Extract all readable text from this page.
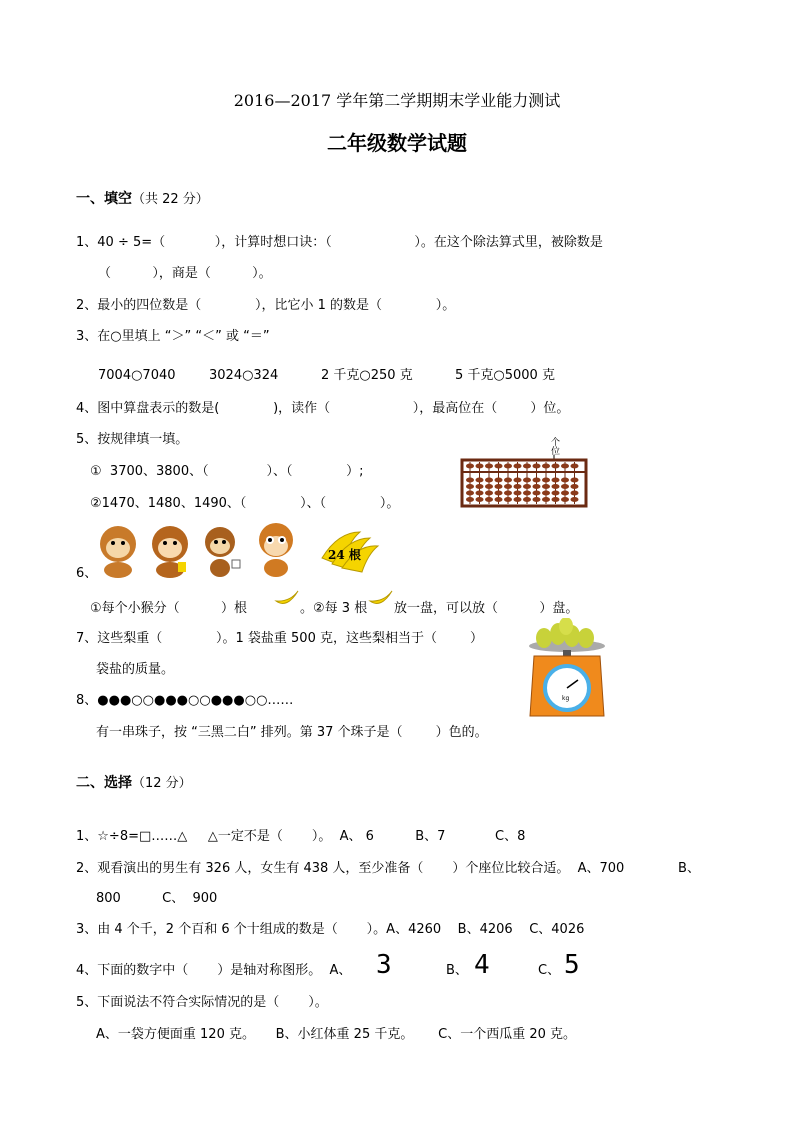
2016—2017 学年第二学期期末学业能力测试
二年级数学试题
一、填空（共 22 分）
1、40 ÷ 5=（            ），计算时想口诀：（                    ）。在这个除法算式里，被除数是
（          ），商是（          ）。
2、最小的四位数是（             ），比它小 1 的数是（             ）。
3、在○里填上 “＞” “＜” 或 “＝”
7004○7040	3024○324	2 千克○250 克	5 千克○5000 克
4、图中算盘表示的数是(             )，读作（                    ），最高位在（        ）位。
5、按规律填一填。
①  3700、3800、（              ）、（             ）;
②1470、1480、1490、（             ）、（             ）。
个
位
24 根
6、
①每个小猴分（          ）根	。②每 3 根 放一盘，可以放（          ）盘。
7、这些梨重（             ）。1 袋盐重 500 克，这些梨相当于（        ）
袋盐的质量。
kg
8、●●●○○●●●○○●●●○○……
有一串珠子，按 “三黑二白” 排列。第 37 个珠子是（        ）色的。
二、选择（12 分）
1、☆÷8=□……△     △一定不是（       ）。  A、 6          B、7            C、8
2、观看演出的男生有 326 人，女生有 438 人，至少准备（       ）个座位比较合适。  A、700             B、
800          C、  900
3、由 4 个千，2 个百和 6 个十组成的数是（       ）。A、4260    B、4206    C、4026
4、下面的数字中（       ）是轴对称图形。  A、 3	B、 4	C、 5
5、下面说法不符合实际情况的是（       ）。
A、一袋方便面重 120 克。     B、小红体重 25 千克。      C、一个西瓜重 20 克。
